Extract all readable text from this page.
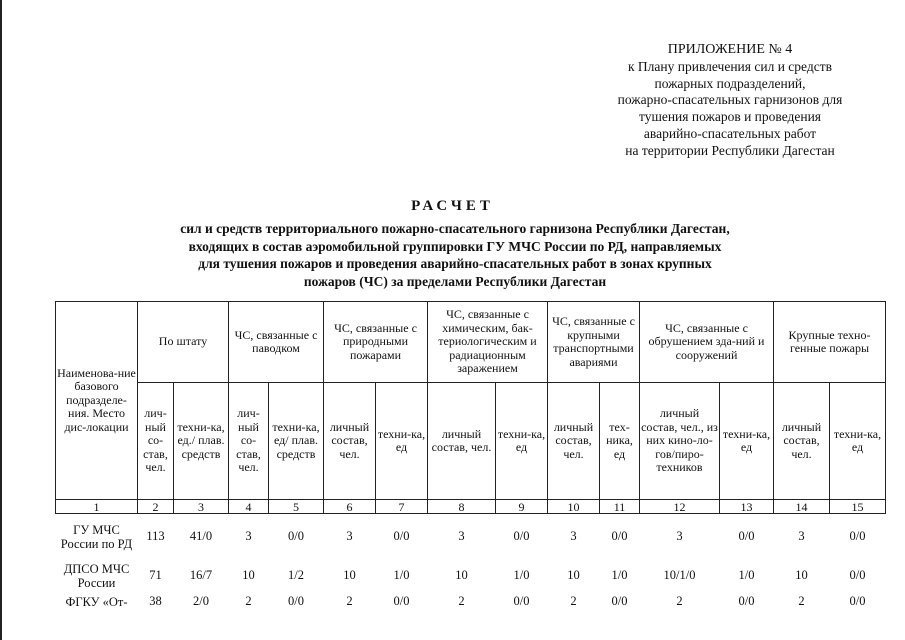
ПРИЛОЖЕНИЕ № 4
к Плану привлечения сил и средств
пожарных подразделений,
пожарно-спасательных гарнизонов для
тушения пожаров и проведения
аварийно-спасательных работ
на территории Республики Дагестан
РАСЧЕТ
сил и средств территориального пожарно-спасательного гарнизона Республики Дагестан,
входящих в состав аэромобильной группировки ГУ МЧС России по РД, направляемых
для тушения пожаров и проведения аварийно-спасательных работ в зонах крупных
пожаров (ЧС) за пределами Республики Дагестан
Наименова-ние базового подразделе-ния. Место дис-локации	По штату		ЧС, связанные с паводком		ЧС, связанные с природными пожарами		ЧС, связанные с химическим, бак-териологическим и радиационным заражением		ЧС, связанные с крупными транспортными авариями		ЧС, связанные с обрушением зда-ний и сооружений		Крупные техно-генные пожары	
	лич-ный со-став, чел.	техни-ка, ед./ плав. средств	лич-ный со-став, чел.	техни-ка, ед/ плав. средств	личный состав, чел.	техни-ка, ед	личный состав, чел.	техни-ка, ед	личный состав, чел.	тех-ника, ед	личный состав, чел., из них кино-ло-гов/пиро-техников	техни-ка, ед	личный состав, чел.	техни-ка, ед
1	2	3	4	5	6	7	8	9	10	11	12	13	14	15
ГУ МЧС России по РД	113	41/0	3	0/0	3	0/0	3	0/0	3	0/0	3	0/0	3	0/0
ДПСО МЧС России	71	16/7	10	1/2	10	1/0	10	1/0	10	1/0	10/1/0	1/0	10	0/0
ФГКУ «От-	38	2/0	2	0/0	2	0/0	2	0/0	2	0/0	2	0/0	2	0/0
